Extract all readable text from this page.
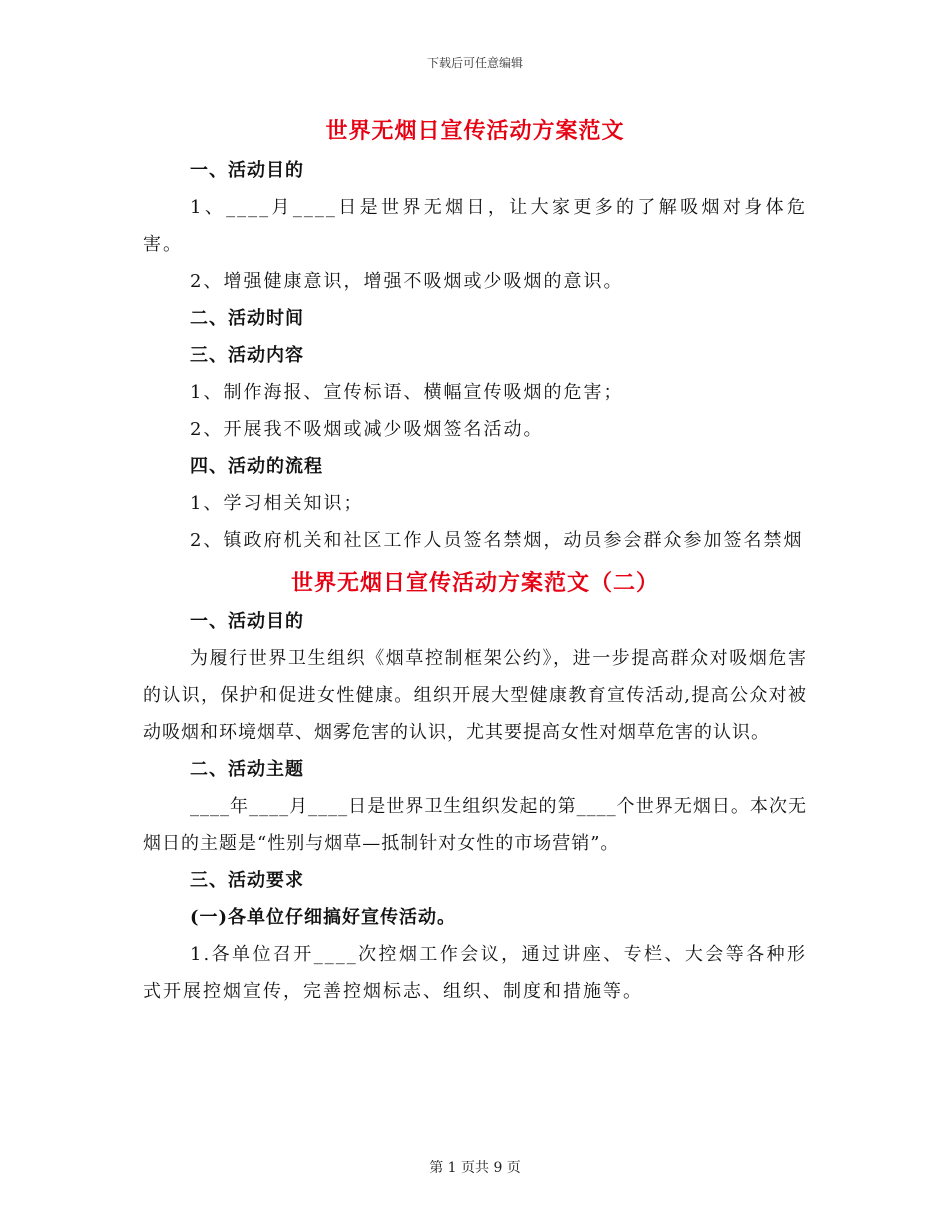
下载后可任意编辑
世界无烟日宣传活动方案范文
一、活动目的

1、____月____日是世界无烟日，让大家更多的了解吸烟对身体危害。

2、增强健康意识，增强不吸烟或少吸烟的意识。

二、活动时间
三、活动内容

1、制作海报、宣传标语、横幅宣传吸烟的危害；

2、开展我不吸烟或减少吸烟签名活动。

四、活动的流程

1、学习相关知识；

2、镇政府机关和社区工作人员签名禁烟，动员参会群众参加签名禁烟

世界无烟日宣传活动方案范文（二）
一、活动目的

为履行世界卫生组织《烟草控制框架公约》，进一步提高群众对吸烟危害的认识，保护和促进女性健康。组织开展大型健康教育宣传活动,提高公众对被动吸烟和环境烟草、烟雾危害的认识，尤其要提高女性对烟草危害的认识。

二、活动主题

____年____月____日是世界卫生组织发起的第____个世界无烟日。本次无烟日的主题是“性别与烟草—抵制针对女性的市场营销”。

三、活动要求
(一)各单位仔细搞好宣传活动。

1.各单位召开____次控烟工作会议，通过讲座、专栏、大会等各种形式开展控烟宣传，完善控烟标志、组织、制度和措施等。

第 1 页共 9 页
